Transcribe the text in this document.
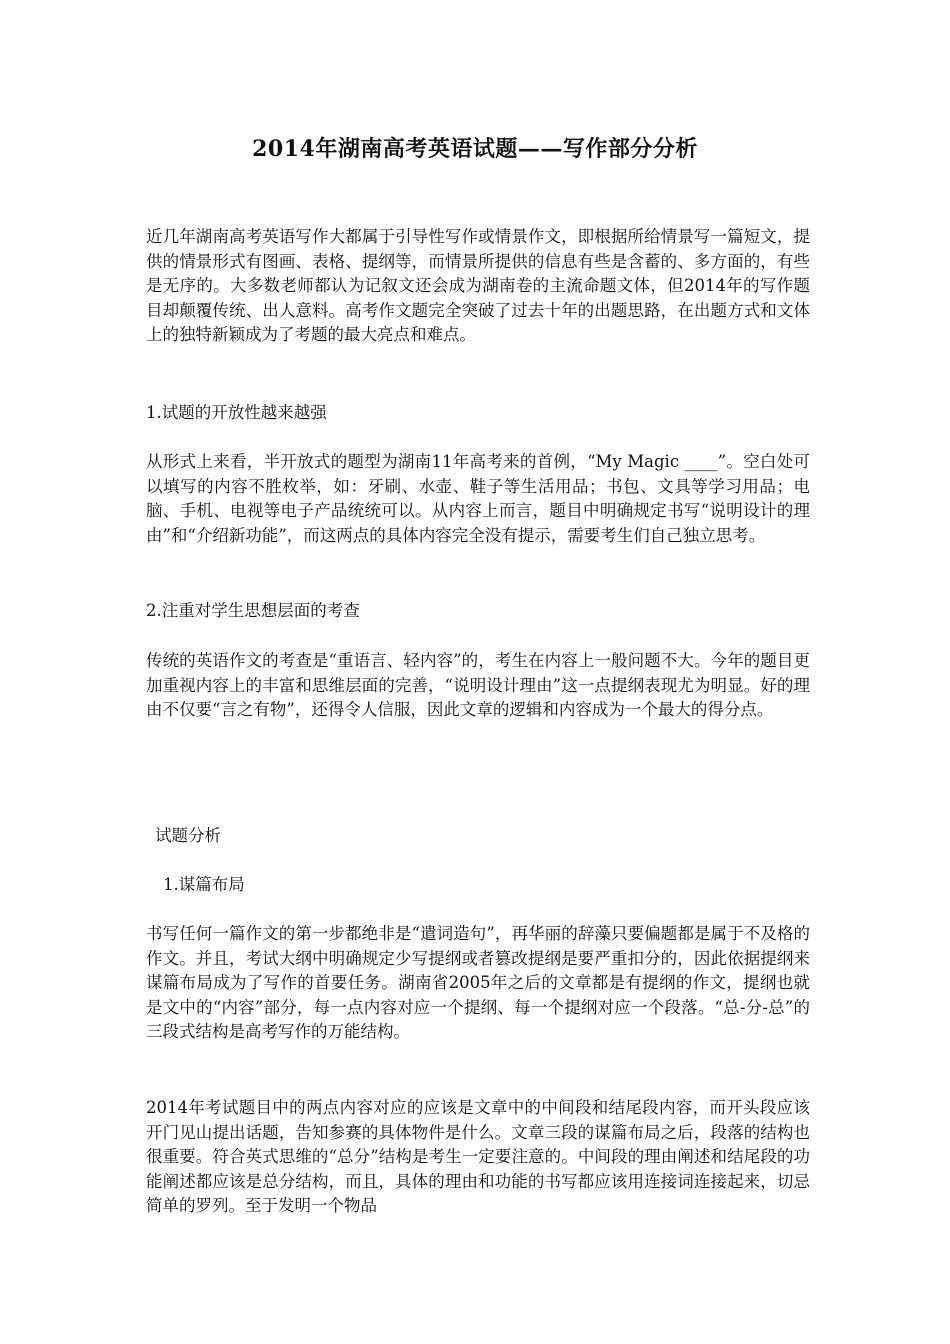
2014年湖南高考英语试题——写作部分分析

近几年湖南高考英语写作大都属于引导性写作或情景作文，即根据所给情景写一篇短文，提供的情景形式有图画、表格、提纲等，而情景所提供的信息有些是含蓄的、多方面的，有些是无序的。大多数老师都认为记叙文还会成为湖南卷的主流命题文体，但2014年的写作题目却颠覆传统、出人意料。高考作文题完全突破了过去十年的出题思路，在出题方式和文体上的独特新颖成为了考题的最大亮点和难点。

1.试题的开放性越来越强

从形式上来看，半开放式的题型为湖南11年高考来的首例，“My Magic ____”。空白处可以填写的内容不胜枚举，如：牙刷、水壶、鞋子等生活用品；书包、文具等学习用品；电脑、手机、电视等电子产品统统可以。从内容上而言，题目中明确规定书写“说明设计的理由”和“介绍新功能”，而这两点的具体内容完全没有提示，需要考生们自己独立思考。

2.注重对学生思想层面的考查

传统的英语作文的考查是“重语言、轻内容”的，考生在内容上一般问题不大。今年的题目更加重视内容上的丰富和思维层面的完善，“说明设计理由”这一点提纲表现尤为明显。好的理由不仅要“言之有物”，还得令人信服，因此文章的逻辑和内容成为一个最大的得分点。

试题分析

1.谋篇布局

书写任何一篇作文的第一步都绝非是“遣词造句”，再华丽的辞藻只要偏题都是属于不及格的作文。并且，考试大纲中明确规定少写提纲或者篡改提纲是要严重扣分的，因此依据提纲来谋篇布局成为了写作的首要任务。湖南省2005年之后的文章都是有提纲的作文，提纲也就是文中的“内容”部分，每一点内容对应一个提纲、每一个提纲对应一个段落。“总-分-总”的三段式结构是高考写作的万能结构。

2014年考试题目中的两点内容对应的应该是文章中的中间段和结尾段内容，而开头段应该开门见山提出话题，告知参赛的具体物件是什么。文章三段的谋篇布局之后，段落的结构也很重要。符合英式思维的“总分”结构是考生一定要注意的。中间段的理由阐述和结尾段的功能阐述都应该是总分结构，而且，具体的理由和功能的书写都应该用连接词连接起来，切忌简单的罗列。至于发明一个物品
